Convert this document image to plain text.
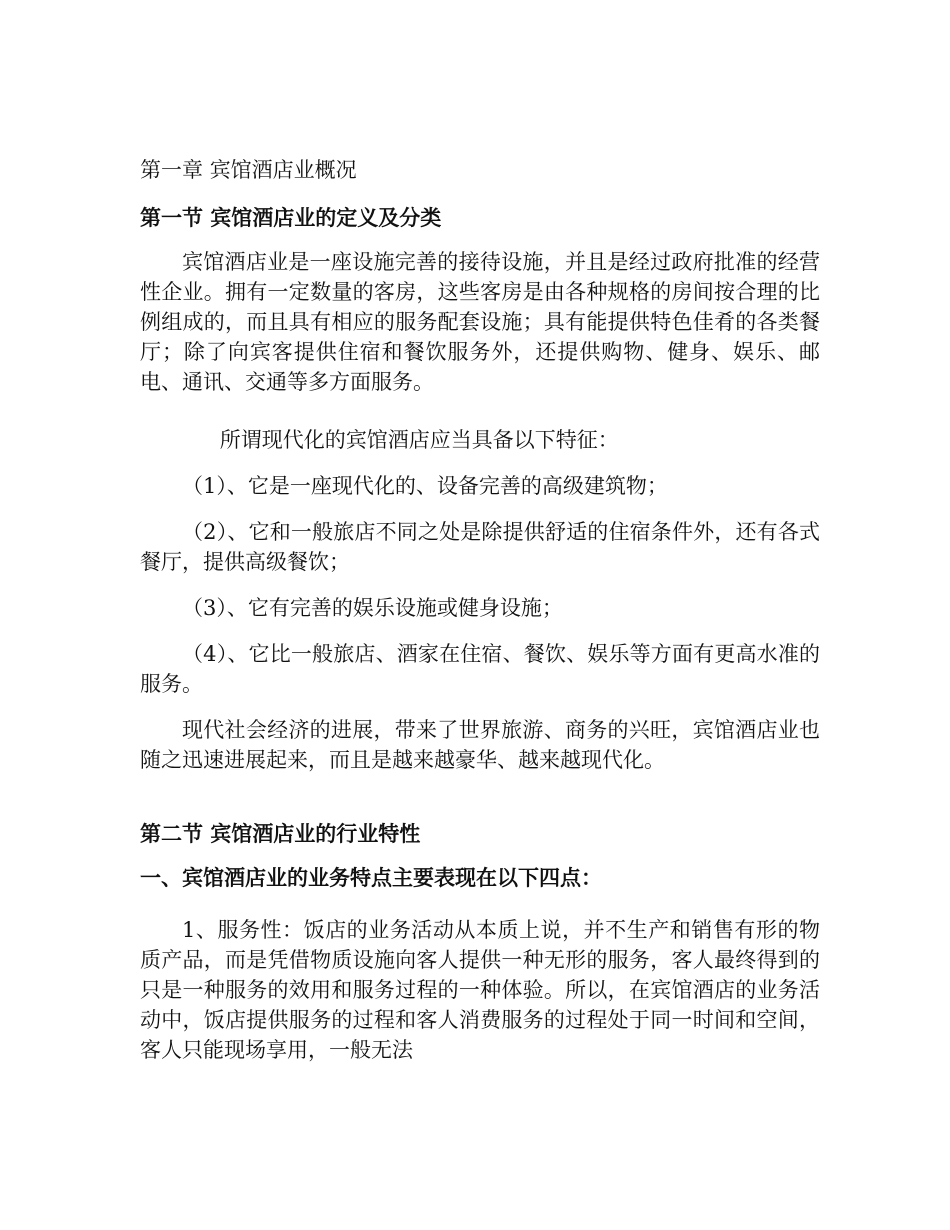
第一章 宾馆酒店业概况
第一节 宾馆酒店业的定义及分类

宾馆酒店业是一座设施完善的接待设施，并且是经过政府批准的经营性企业。拥有一定数量的客房，这些客房是由各种规格的房间按合理的比例组成的，而且具有相应的服务配套设施；具有能提供特色佳肴的各类餐厅；除了向宾客提供住宿和餐饮服务外，还提供购物、健身、娱乐、邮电、通讯、交通等多方面服务。

所谓现代化的宾馆酒店应当具备以下特征：

（1）、它是一座现代化的、设备完善的高级建筑物；

（2）、它和一般旅店不同之处是除提供舒适的住宿条件外，还有各式餐厅，提供高级餐饮；

（3）、它有完善的娱乐设施或健身设施；

（4）、它比一般旅店、酒家在住宿、餐饮、娱乐等方面有更高水准的服务。

现代社会经济的进展，带来了世界旅游、商务的兴旺，宾馆酒店业也随之迅速进展起来，而且是越来越豪华、越来越现代化。

第二节 宾馆酒店业的行业特性
一、宾馆酒店业的业务特点主要表现在以下四点：

1、服务性：饭店的业务活动从本质上说，并不生产和销售有形的物质产品，而是凭借物质设施向客人提供一种无形的服务，客人最终得到的只是一种服务的效用和服务过程的一种体验。所以，在宾馆酒店的业务活动中，饭店提供服务的过程和客人消费服务的过程处于同一时间和空间，客人只能现场享用，一般无法
